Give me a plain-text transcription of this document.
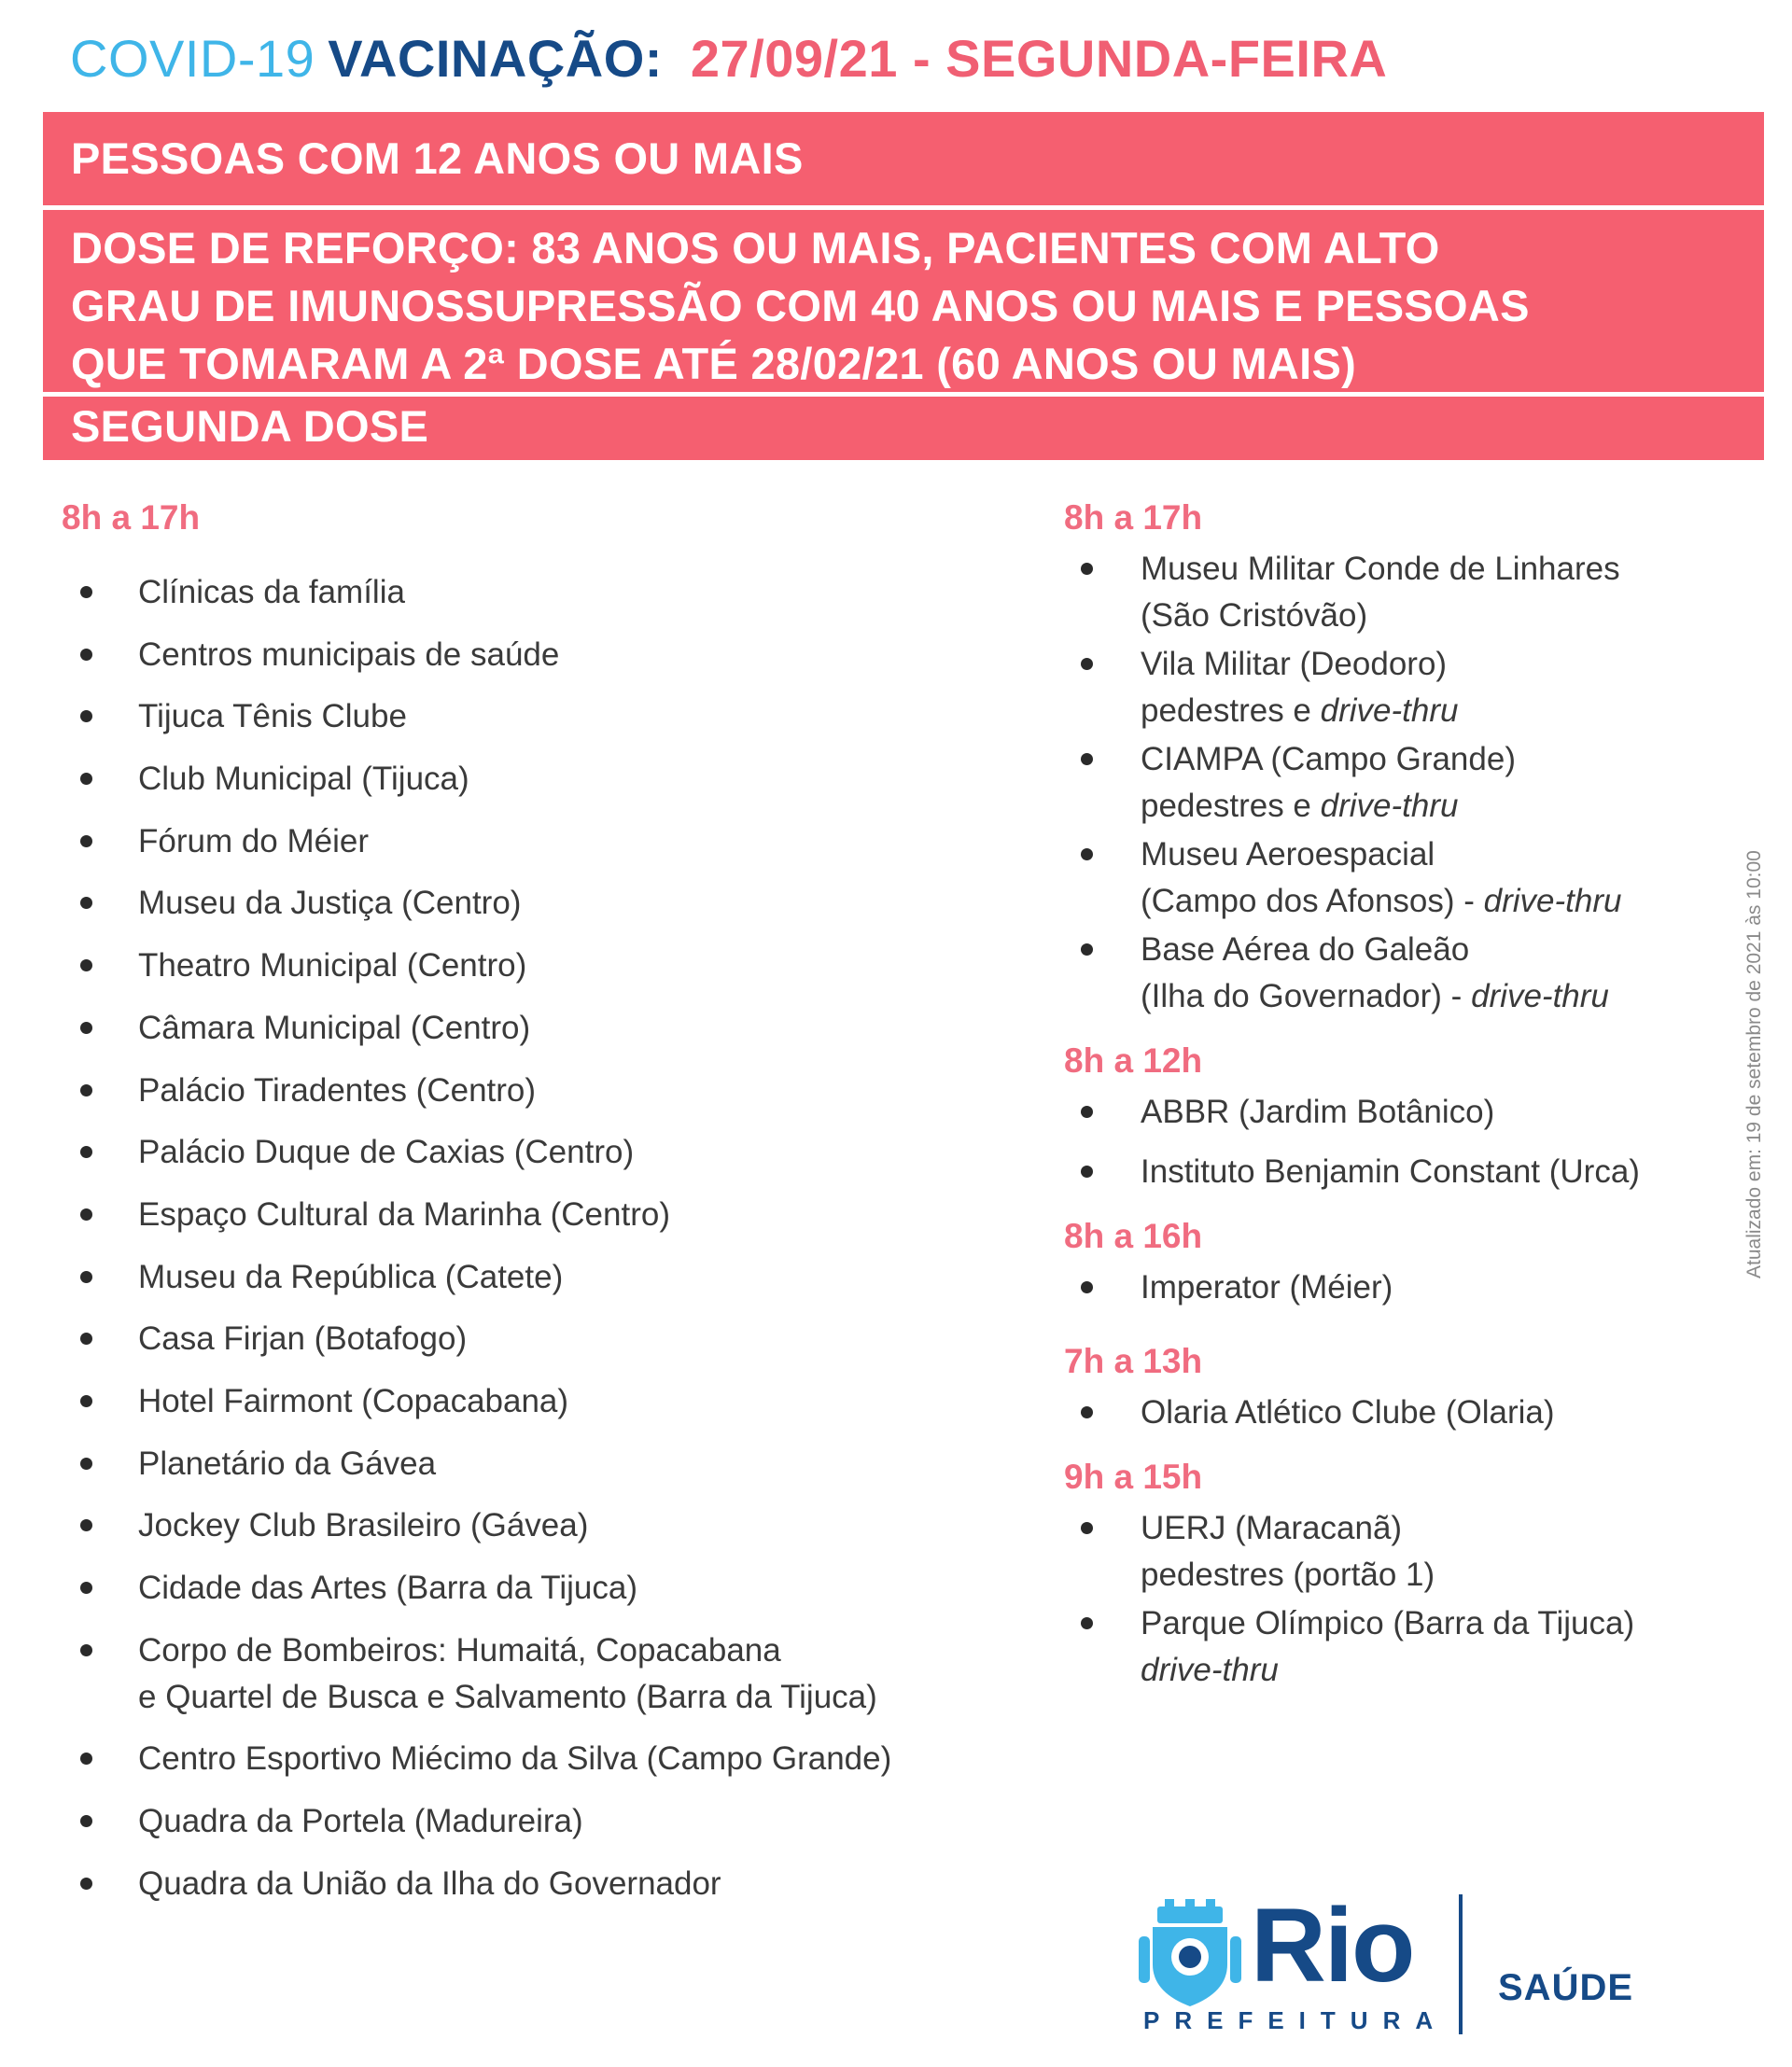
COVID-19 VACINAÇÃO: 27/09/21 - SEGUNDA-FEIRA
PESSOAS COM 12 ANOS OU MAIS
DOSE DE REFORÇO: 83 ANOS OU MAIS, PACIENTES COM ALTO
GRAU DE IMUNOSSUPRESSÃO COM 40 ANOS OU MAIS E PESSOAS
QUE TOMARAM A 2ª DOSE ATÉ 28/02/21 (60 ANOS OU MAIS)
SEGUNDA DOSE
8h a 17h
Clínicas da família
Centros municipais de saúde
Tijuca Tênis Clube
Club Municipal (Tijuca)
Fórum do Méier
Museu da Justiça (Centro)
Theatro Municipal (Centro)
Câmara Municipal (Centro)
Palácio Tiradentes (Centro)
Palácio Duque de Caxias (Centro)
Espaço Cultural da Marinha (Centro)
Museu da República (Catete)
Casa Firjan (Botafogo)
Hotel Fairmont (Copacabana)
Planetário da Gávea
Jockey Club Brasileiro (Gávea)
Cidade das Artes (Barra da Tijuca)
Corpo de Bombeiros: Humaitá, Copacabana
e Quartel de Busca e Salvamento (Barra da Tijuca)
Centro Esportivo Miécimo da Silva (Campo Grande)
Quadra da Portela (Madureira)
Quadra da União da Ilha do Governador
8h a 17h
Museu Militar Conde de Linhares
(São Cristóvão)
Vila Militar (Deodoro)
pedestres e drive-thru
CIAMPA (Campo Grande)
pedestres e drive-thru
Museu Aeroespacial
(Campo dos Afonsos) - drive-thru
Base Aérea do Galeão
(Ilha do Governador) - drive-thru
8h a 12h
ABBR (Jardim Botânico)
Instituto Benjamin Constant (Urca)
8h a 16h
Imperator (Méier)
7h a 13h
Olaria Atlético Clube (Olaria)
9h a 15h
UERJ (Maracanã)
pedestres (portão 1)
Parque Olímpico (Barra da Tijuca)
drive-thru
Atualizado em: 19 de setembro de 2021 às 10:00
Rio
PREFEITURA
SAÚDE
